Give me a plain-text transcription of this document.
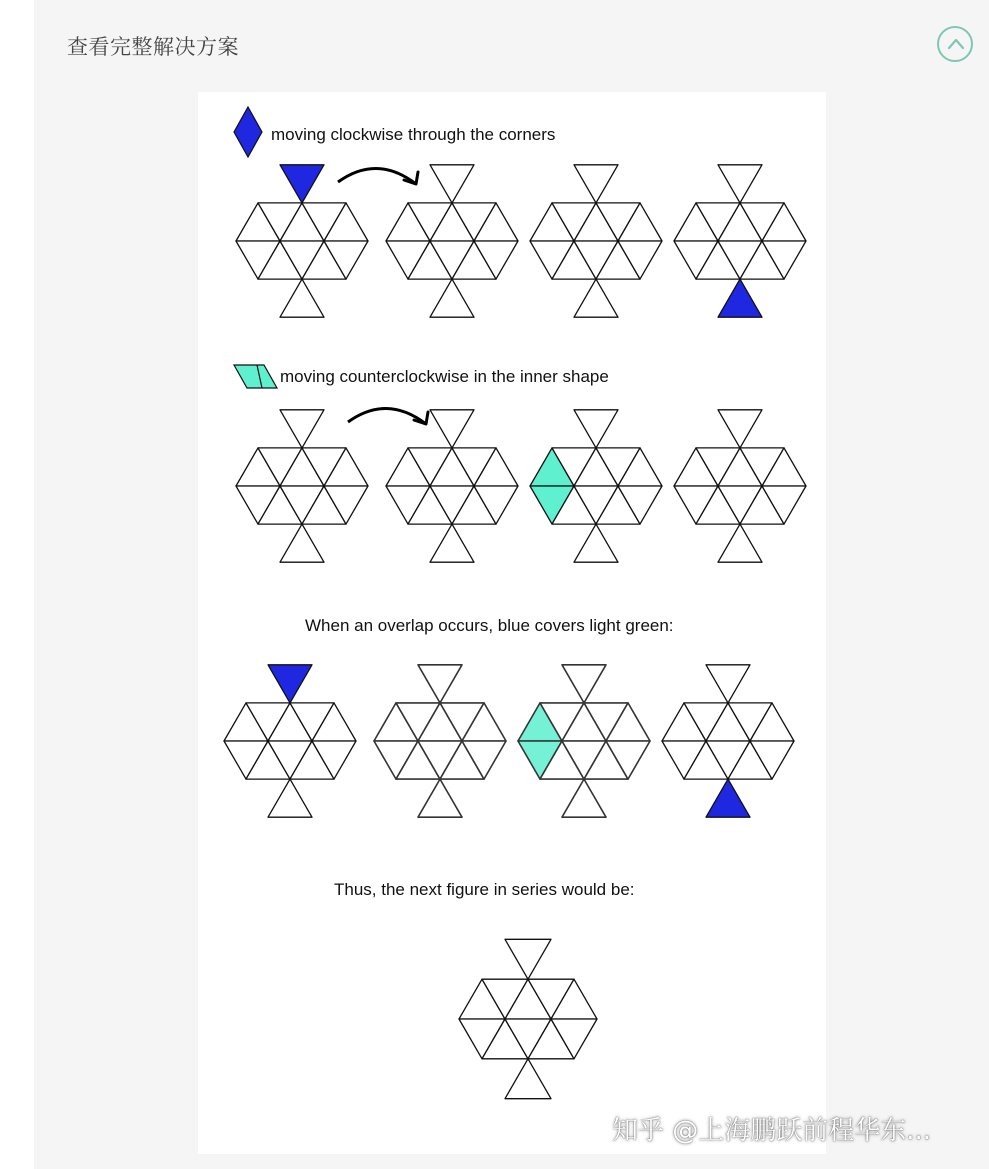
查看完整解决方案
moving clockwise through the corners
moving counterclockwise in the inner shape
When an overlap occurs, blue covers light green:
Thus, the next figure in series would be:
知乎 @上海鹏跃前程华东...
